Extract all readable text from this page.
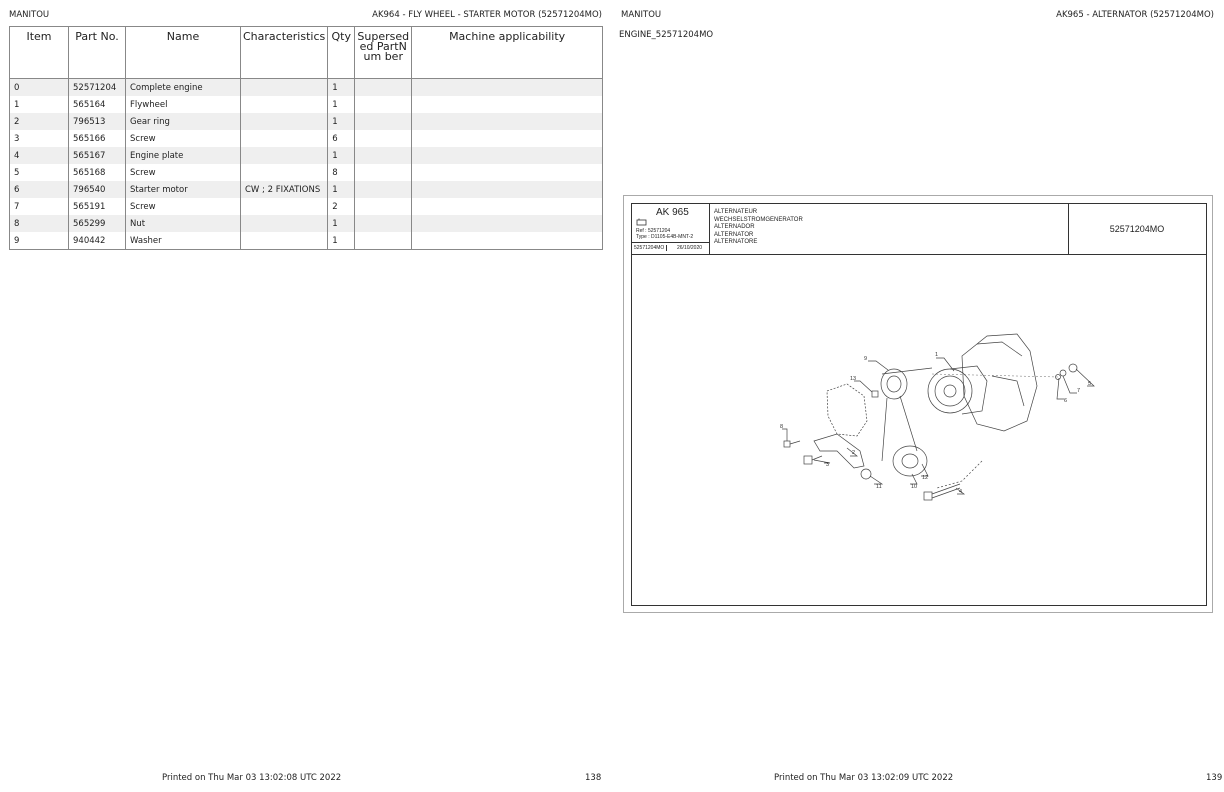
MANITOU	AK964 - FLY WHEEL - STARTER MOTOR (52571204MO)
Item	Part No.	Name	Characteristics	Qty	Supersed ed PartNum ber	Machine applicability
0	52571204	Complete engine		1		
1	565164	Flywheel		1		
2	796513	Gear ring		1		
3	565166	Screw		6		
4	565167	Engine plate		1		
5	565168	Screw		8		
6	796540	Starter motor	CW ; 2 FIXATIONS	1		
7	565191	Screw		2		
8	565299	Nut		1		
9	940442	Washer		1		
Printed on Thu Mar 03 13:02:08 UTC 2022	138
MANITOU	AK965 - ALTERNATOR (52571204MO)
ENGINE_52571204MO
AK 965
Ref : 52571204
Type : D1105-E4B-MNT-2
52571204MO	26/10/2020
ALTERNATEUR
WECHSELSTROMGENERATOR
ALTERNADOR
ALTERNATOR
ALTERNATORE
52571204MO
1
2
3
4
5
6
7
8
9
10
11
12
13
Printed on Thu Mar 03 13:02:09 UTC 2022	139
